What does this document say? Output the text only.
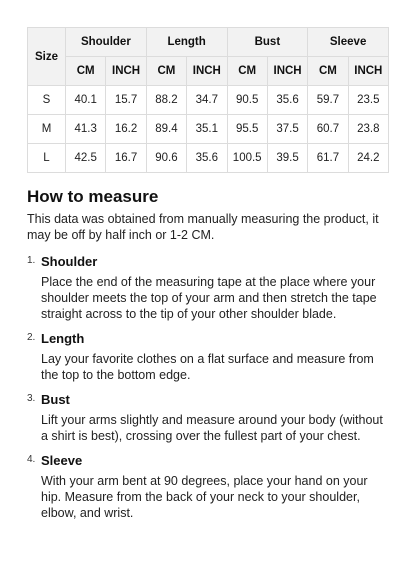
Size	Shoulder		Length		Bust		Sleeve	
	CM	INCH	CM	INCH	CM	INCH	CM	INCH
S	40.1	15.7	88.2	34.7	90.5	35.6	59.7	23.5
M	41.3	16.2	89.4	35.1	95.5	37.5	60.7	23.8
L	42.5	16.7	90.6	35.6	100.5	39.5	61.7	24.2
How to measure

This data was obtained from manually measuring the product, it may be off by half inch or 1-2 CM.

1. Shoulder
Place the end of the measuring tape at the place where your shoulder meets the top of your arm and then stretch the tape straight across to the tip of your other shoulder blade.
2. Length
Lay your favorite clothes on a flat surface and measure from the top to the bottom edge.
3. Bust
Lift your arms slightly and measure around your body (without a shirt is best), crossing over the fullest part of your chest.
4. Sleeve
With your arm bent at 90 degrees, place your hand on your hip. Measure from the back of your neck to your shoulder, elbow, and wrist.
